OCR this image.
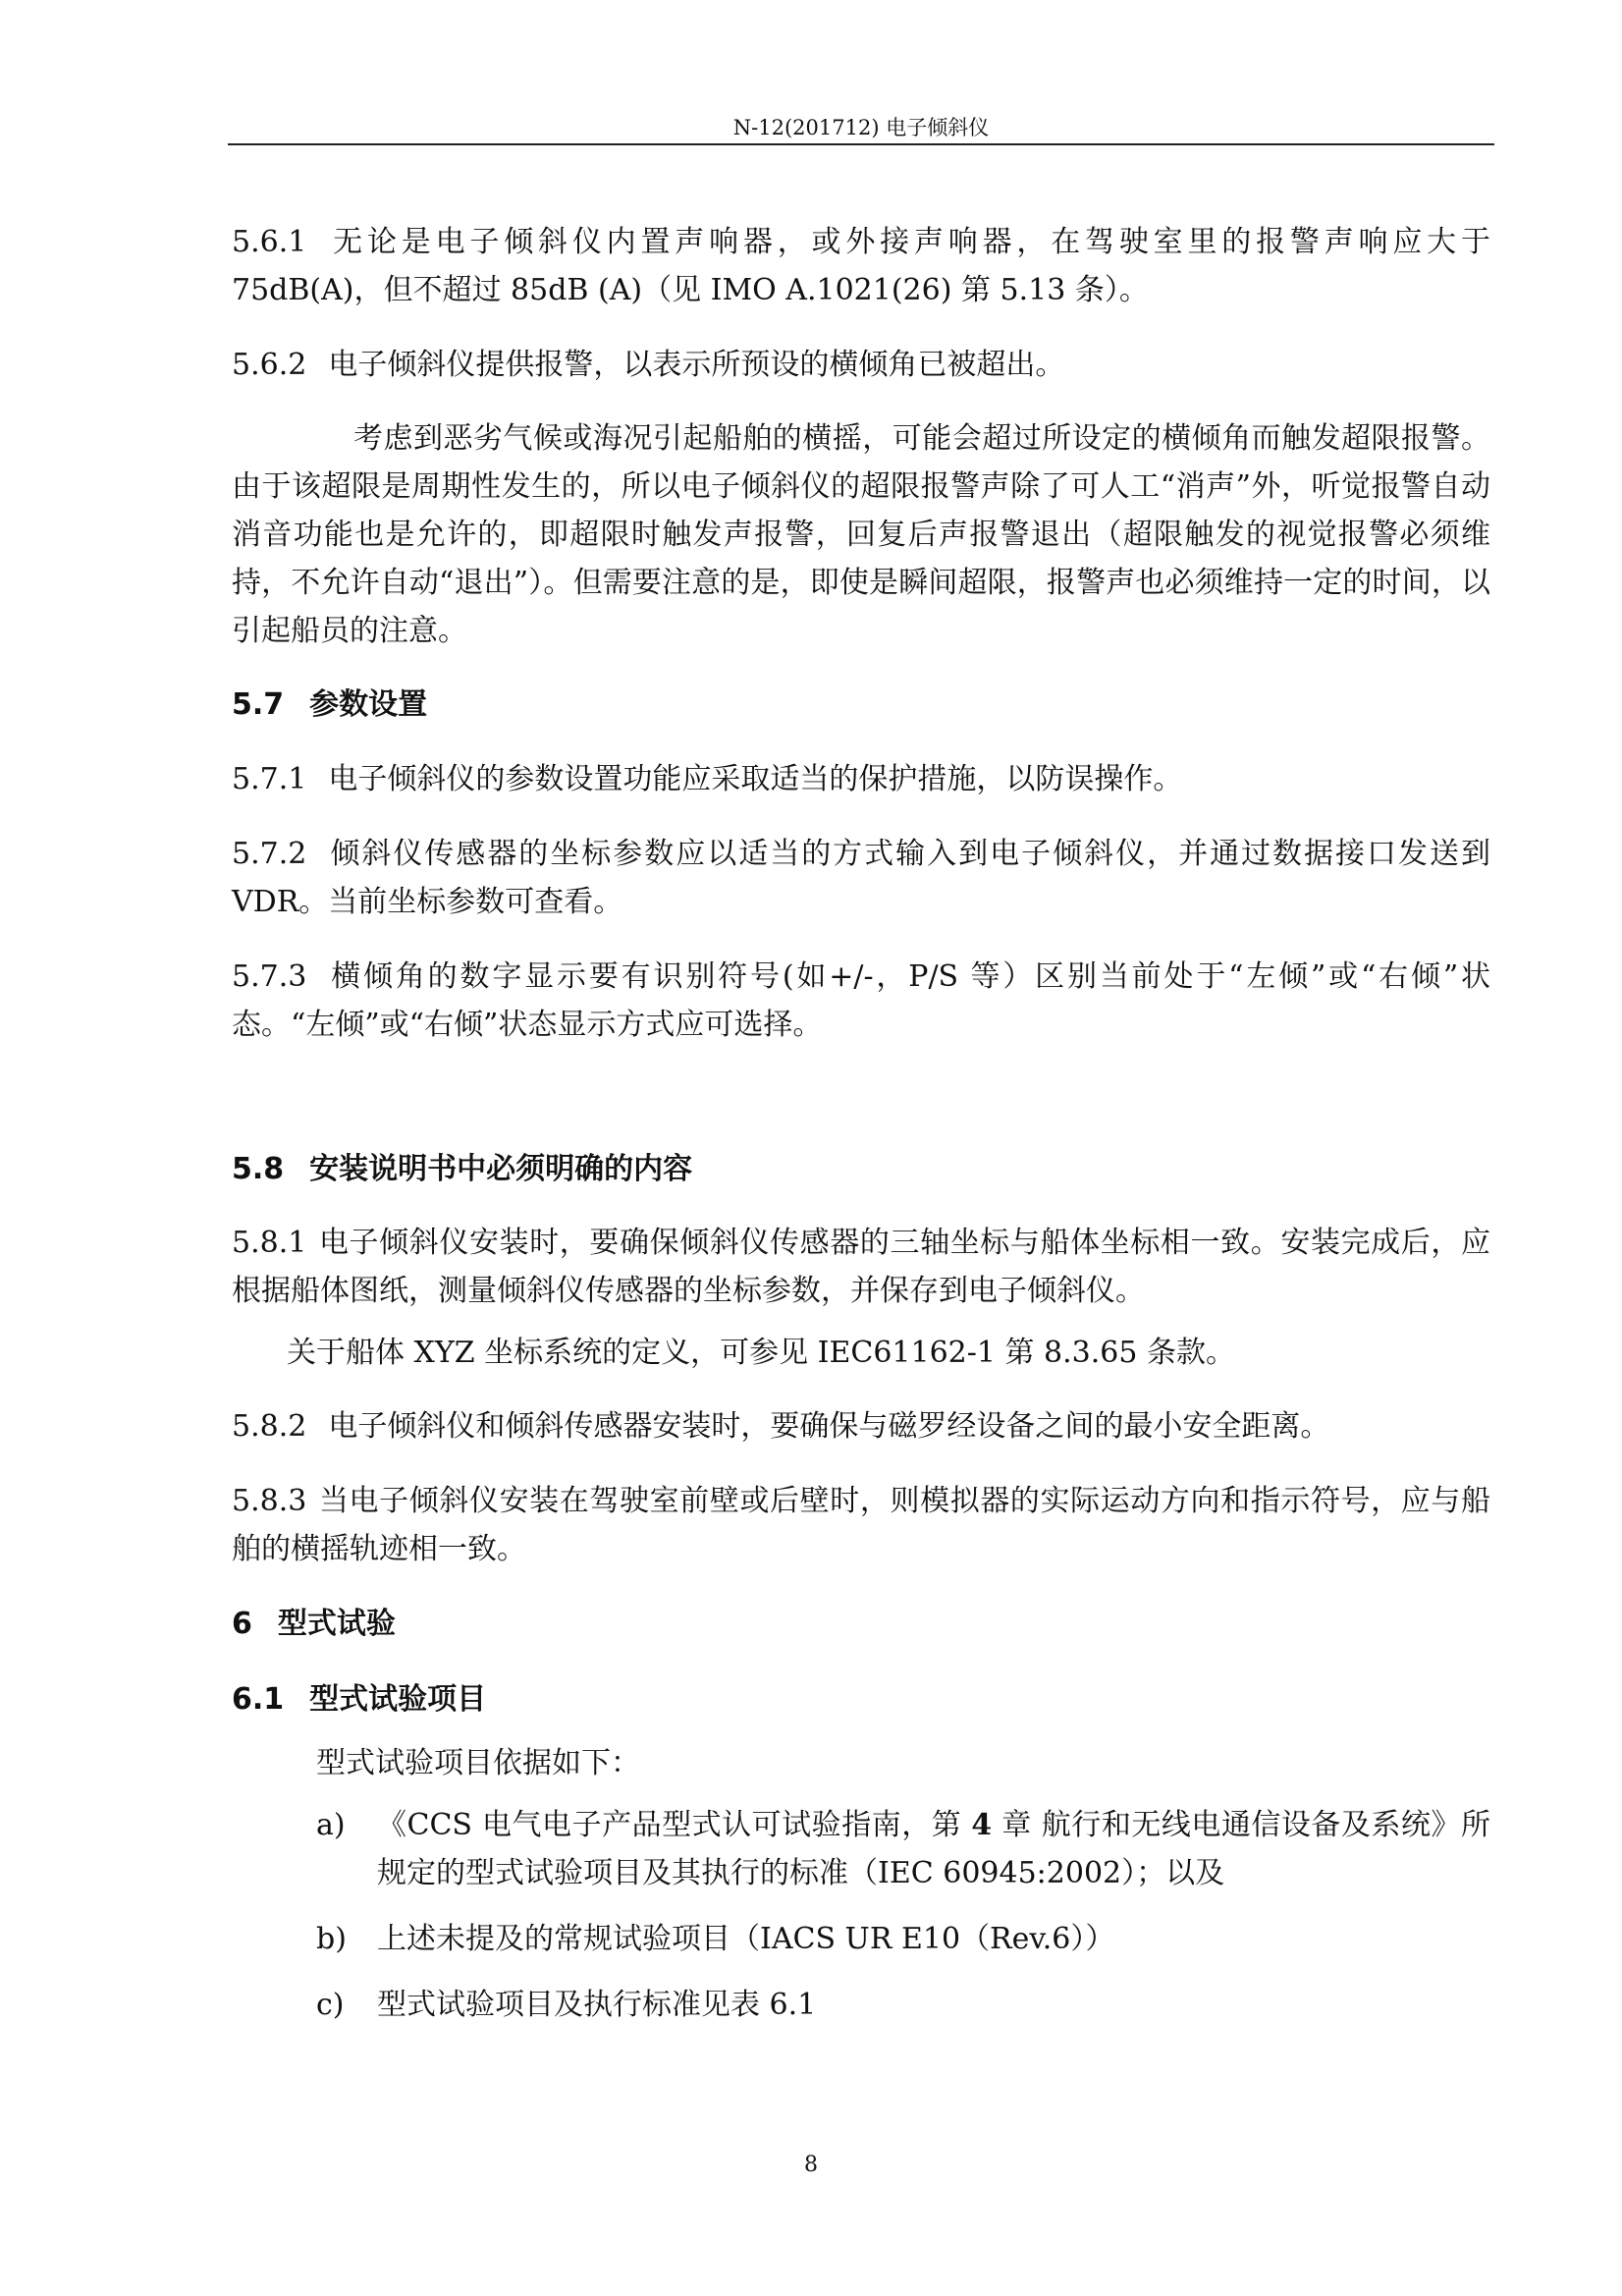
N-12(201712) 电子倾斜仪

5.6.1 无论是电子倾斜仪内置声响器，或外接声响器，在驾驶室里的报警声响应大于 75dB(A)，但不超过 85dB (A)（见 IMO A.1021(26) 第 5.13 条）。

5.6.2 电子倾斜仪提供报警，以表示所预设的横倾角已被超出。

考虑到恶劣气候或海况引起船舶的横摇，可能会超过所设定的横倾角而触发超限报警。由于该超限是周期性发生的，所以电子倾斜仪的超限报警声除了可人工“消声”外，听觉报警自动消音功能也是允许的，即超限时触发声报警，回复后声报警退出（超限触发的视觉报警必须维持，不允许自动“退出”）。但需要注意的是，即使是瞬间超限，报警声也必须维持一定的时间，以引起船员的注意。

5.7 参数设置

5.7.1 电子倾斜仪的参数设置功能应采取适当的保护措施，以防误操作。

5.7.2 倾斜仪传感器的坐标参数应以适当的方式输入到电子倾斜仪，并通过数据接口发送到 VDR。当前坐标参数可查看。

5.7.3 横倾角的数字显示要有识别符号(如+/-，P/S 等）区别当前处于“左倾”或“右倾”状态。“左倾”或“右倾”状态显示方式应可选择。

5.8 安装说明书中必须明确的内容

5.8.1 电子倾斜仪安装时，要确保倾斜仪传感器的三轴坐标与船体坐标相一致。安装完成后，应根据船体图纸，测量倾斜仪传感器的坐标参数，并保存到电子倾斜仪。

关于船体 XYZ 坐标系统的定义，可参见 IEC61162-1 第 8.3.65 条款。

5.8.2 电子倾斜仪和倾斜传感器安装时，要确保与磁罗经设备之间的最小安全距离。

5.8.3 当电子倾斜仪安装在驾驶室前壁或后壁时，则模拟器的实际运动方向和指示符号，应与船舶的横摇轨迹相一致。

6 型式试验
6.1 型式试验项目

型式试验项目依据如下：

a)	《CCS 电气电子产品型式认可试验指南，第 4 章 航行和无线电通信设备及系统》所规定的型式试验项目及其执行的标准（IEC 60945:2002）；以及
b)	上述未提及的常规试验项目（IACS UR E10（Rev.6））
c)	型式试验项目及执行标准见表 6.1
8
